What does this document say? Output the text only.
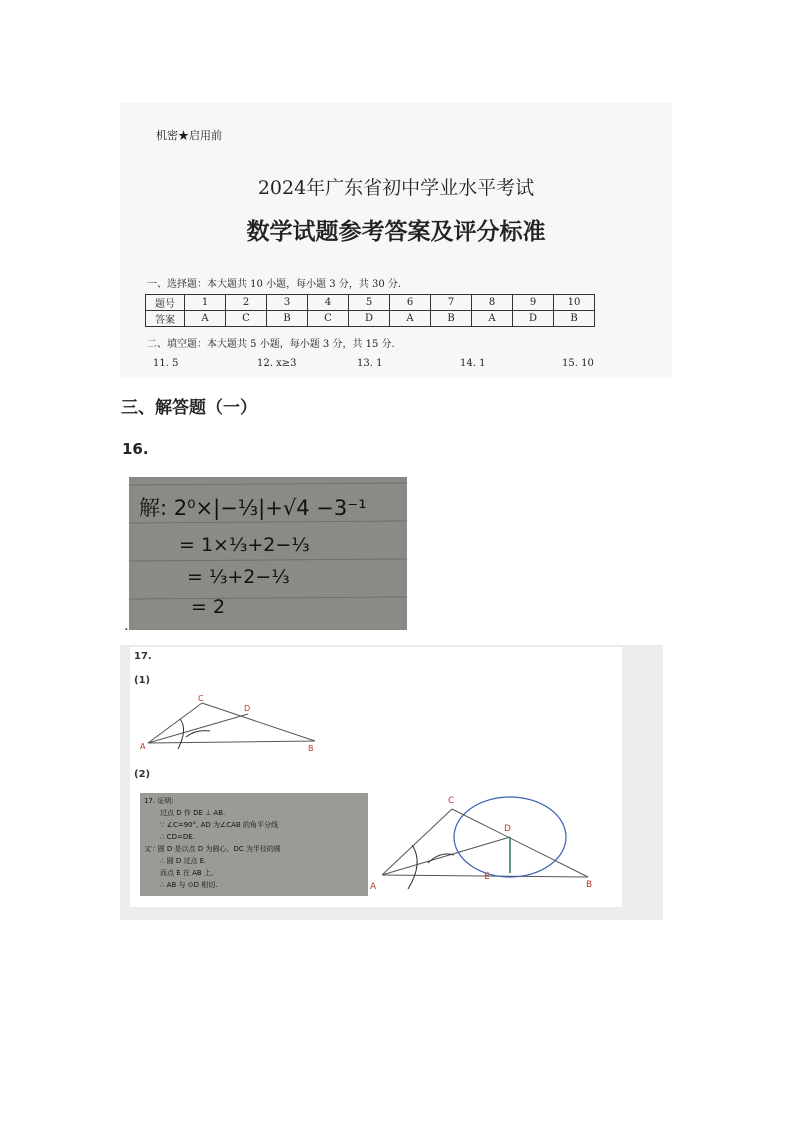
机密★启用前
2024年广东省初中学业水平考试
数学试题参考答案及评分标准
一、选择题：本大题共 10 小题，每小题 3 分，共 30 分.
题号	1	2	3	4	5	6	7	8	9	10
答案	A	C	B	C	D	A	B	A	D	B
二、填空题：本大题共 5 小题，每小题 3 分，共 15 分.
11. 5	12. x≥3	13. 1	14. 1	15. 10
三、解答题（一）
16.
解: 2⁰×|−⅓|+√4 −3⁻¹
= 1×⅓+2−⅓
= ⅓+2−⅓
= 2
.
17.
(1)
A
C
D
B
(2)
17. 证明:
过点 D 作 DE ⊥ AB.
∵ ∠C=90°, AD 为∠CAB 的角平分线
∴ CD=DE.
又∵ 圆 D 是以点 D 为圆心、DC 为半径的圆
∴ 圆 D 过点 E.
而点 E 在 AB 上,
∴ AB 与 ⊙D 相切.	A
C
D
E
B
